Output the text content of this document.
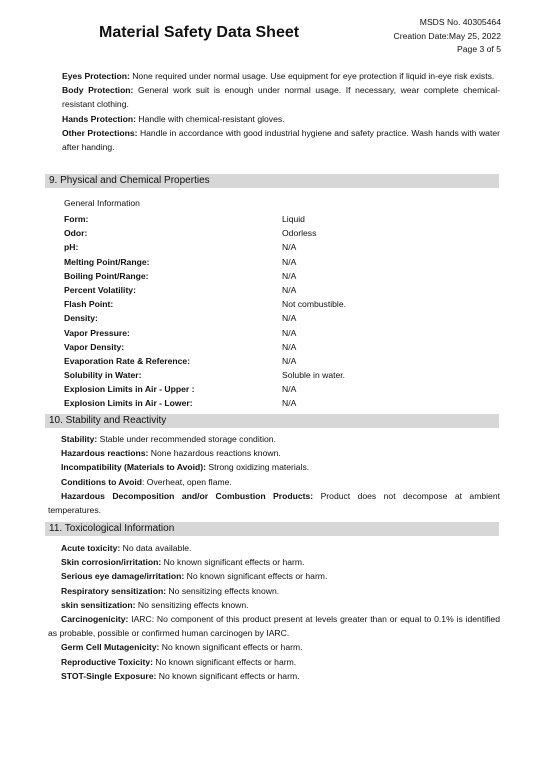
Material Safety Data Sheet
MSDS No. 40305464
Creation Date:May 25, 2022
Page 3 of 5
Eyes Protection: None required under normal usage. Use equipment for eye protection if liquid in-eye risk exists.
Body Protection: General work suit is enough under normal usage. If necessary, wear complete chemical-resistant clothing.
Hands Protection: Handle with chemical-resistant gloves.
Other Protections: Handle in accordance with good industrial hygiene and safety practice. Wash hands with water after handing.
9. Physical and Chemical Properties
General Information
Form:	Liquid
Odor:	Odorless
pH:	N/A
Melting Point/Range:	N/A
Boiling Point/Range:	N/A
Percent Volatility:	N/A
Flash Point:	Not combustible.
Density:	N/A
Vapor Pressure:	N/A
Vapor Density:	N/A
Evaporation Rate & Reference:	N/A
Solubility in Water:	Soluble in water.
Explosion Limits in Air - Upper :	N/A
Explosion Limits in Air - Lower:	N/A
10. Stability and Reactivity
Stability: Stable under recommended storage condition.
Hazardous reactions: None hazardous reactions known.
Incompatibility (Materials to Avoid): Strong oxidizing materials.
Conditions to Avoid: Overheat, open flame.
Hazardous Decomposition and/or Combustion Products: Product does not decompose at ambient temperatures.
11. Toxicological Information
Acute toxicity: No data available.
Skin corrosion/irritation: No known significant effects or harm.
Serious eye damage/irritation: No known significant effects or harm.
Respiratory sensitization: No sensitizing effects known.
skin sensitization: No sensitizing effects known.
Carcinogenicity: IARC: No component of this product present at levels greater than or equal to 0.1% is identified as probable, possible or confirmed human carcinogen by IARC.
Germ Cell Mutagenicity: No known significant effects or harm.
Reproductive Toxicity: No known significant effects or harm.
STOT-Single Exposure: No known significant effects or harm.
